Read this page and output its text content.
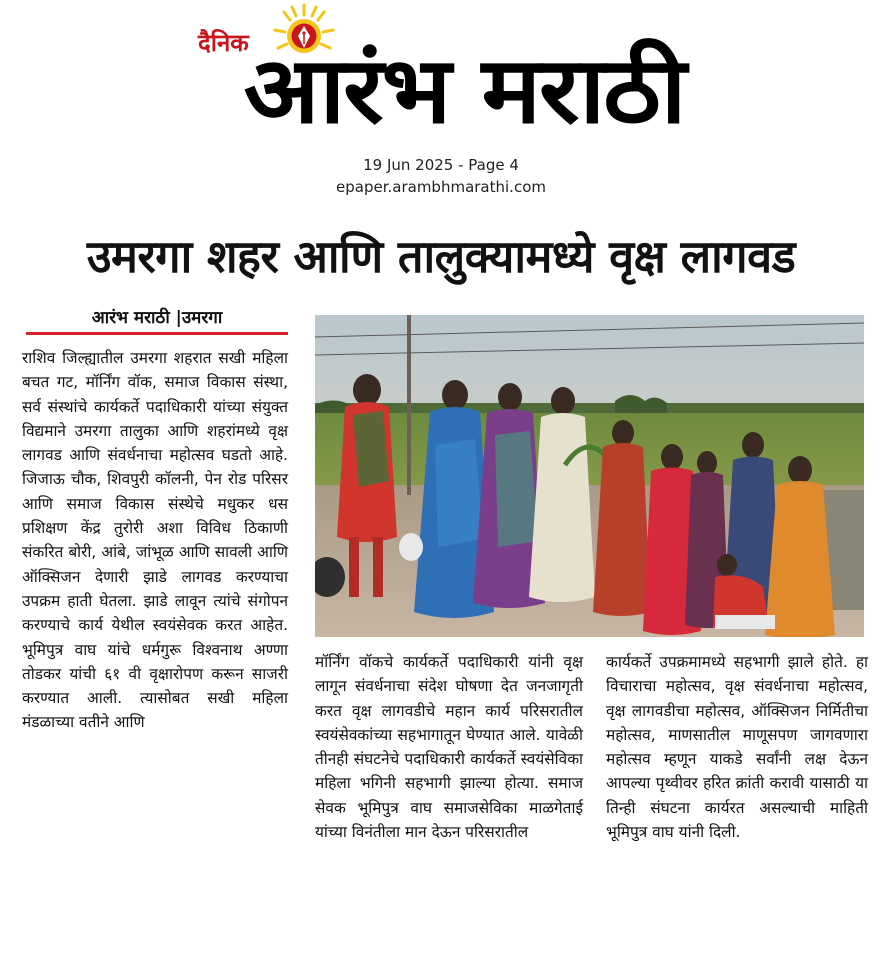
दैनिक
आरंभ मराठी
19 Jun 2025 - Page 4
epaper.arambhmarathi.com
उमरगा शहर आणि तालुक्यामध्ये वृक्ष लागवड
आरंभ मराठी |उमरगा
राशिव जिल्ह्यातील उमरगा शहरात सखी महिला बचत गट, मॉर्निंग वॉक, समाज विकास संस्था, सर्व संस्थांचे कार्यकर्ते पदाधिकारी यांच्या संयुक्त विद्यमाने उमरगा तालुका आणि शहरांमध्ये वृक्ष लागवड आणि संवर्धनाचा महोत्सव घडतो आहे. जिजाऊ चौक, शिवपुरी कॉलनी, पेन रोड परिसर आणि समाज विकास संस्थेचे मधुकर धस प्रशिक्षण केंद्र तुरोरी अशा विविध ठिकाणी संकरित बोरी, आंबे, जांभूळ आणि सावली आणि ऑक्सिजन देणारी झाडे लागवड करण्याचा उपक्रम हाती घेतला. झाडे लावून त्यांचे संगोपन करण्याचे कार्य येथील स्वयंसेवक करत आहेत. भूमिपुत्र वाघ यांचे धर्मगुरू विश्वनाथ अण्णा तोडकर यांची ६१ वी वृक्षारोपण करून साजरी करण्यात आली. त्यासोबत सखी महिला मंडळाच्या वतीने आणि
मॉर्निंग वॉकचे कार्यकर्ते पदाधिकारी यांनी वृक्ष लागून संवर्धनाचा संदेश घोषणा देत जनजागृती करत वृक्ष लागवडीचे महान कार्य परिसरातील स्वयंसेवकांच्या सहभागातून घेण्यात आले. यावेळी तीनही संघटनेचे पदाधिकारी कार्यकर्ते स्वयंसेविका महिला भगिनी सहभागी झाल्या होत्या. समाज सेवक भूमिपुत्र वाघ समाजसेविका माळगेताई यांच्या विनंतीला मान देऊन परिसरातील
कार्यकर्ते उपक्रमामध्ये सहभागी झाले होते. हा विचाराचा महोत्सव, वृक्ष संवर्धनाचा महोत्सव, वृक्ष लागवडीचा महोत्सव, ऑक्सिजन निर्मितीचा महोत्सव, माणसातील माणूसपण जागवणारा महोत्सव म्हणून याकडे सर्वांनी लक्ष देऊन आपल्या पृथ्वीवर हरित क्रांती करावी यासाठी या तिन्ही संघटना कार्यरत असल्याची माहिती भूमिपुत्र वाघ यांनी दिली.
